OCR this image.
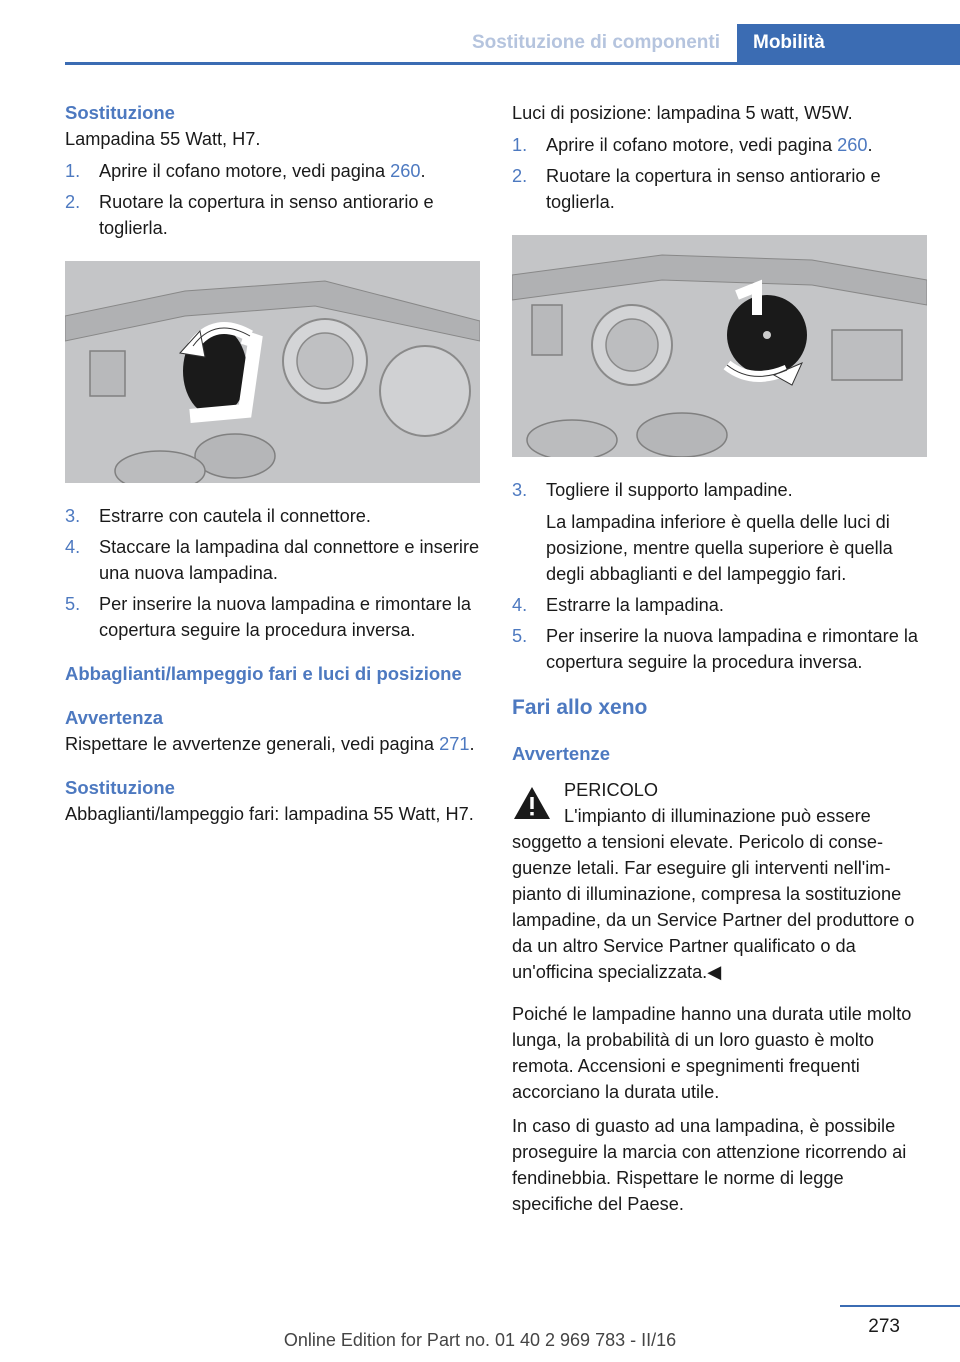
Sostituzione di componenti	Mobilità
Sostituzione

Lampadina 55 Watt, H7.

1. Aprire il cofano motore, vedi pagina 260.
2. Ruotare la copertura in senso antiorario e toglierla.
3. Estrarre con cautela il connettore.
4. Staccare la lampadina dal connettore e inserire una nuova lampadina.
5. Per inserire la nuova lampadina e rimontare la copertura seguire la procedura inversa.
Abbaglianti/lampeggio fari e luci di posizione
Avvertenza

Rispettare le avvertenze generali, vedi pagina 271.

Sostituzione

Abbaglianti/lampeggio fari: lampadina 55 Watt, H7.

Luci di posizione: lampadina 5 watt, W5W.

1. Aprire il cofano motore, vedi pagina 260.
2. Ruotare la copertura in senso antiorario e toglierla.
3. Togliere il supporto lampadine.

La lampadina inferiore è quella delle luci di posizione, mentre quella superiore è quella degli abbaglianti e del lampeggio fari.

4. Estrarre la lampadina.
5. Per inserire la nuova lampadina e rimontare la copertura seguire la procedura inversa.
Fari allo xeno
Avvertenze

PERICOLO

L'impianto di illuminazione può essere

soggetto a tensioni elevate. Pericolo di conseguenze letali. Far eseguire gli interventi nell'impianto di illuminazione, compresa la sostituzione lampadine, da un Service Partner del produttore o da un altro Service Partner qualificato o da un'officina specializzata.◀

Poiché le lampadine hanno una durata utile molto lunga, la probabilità di un loro guasto è molto remota. Accensioni e spegnimenti frequenti accorciano la durata utile.

In caso di guasto ad una lampadina, è possibile proseguire la marcia con attenzione ricorrendo ai fendinebbia. Rispettare le norme di legge specifiche del Paese.

273
Online Edition for Part no. 01 40 2 969 783 - II/16
